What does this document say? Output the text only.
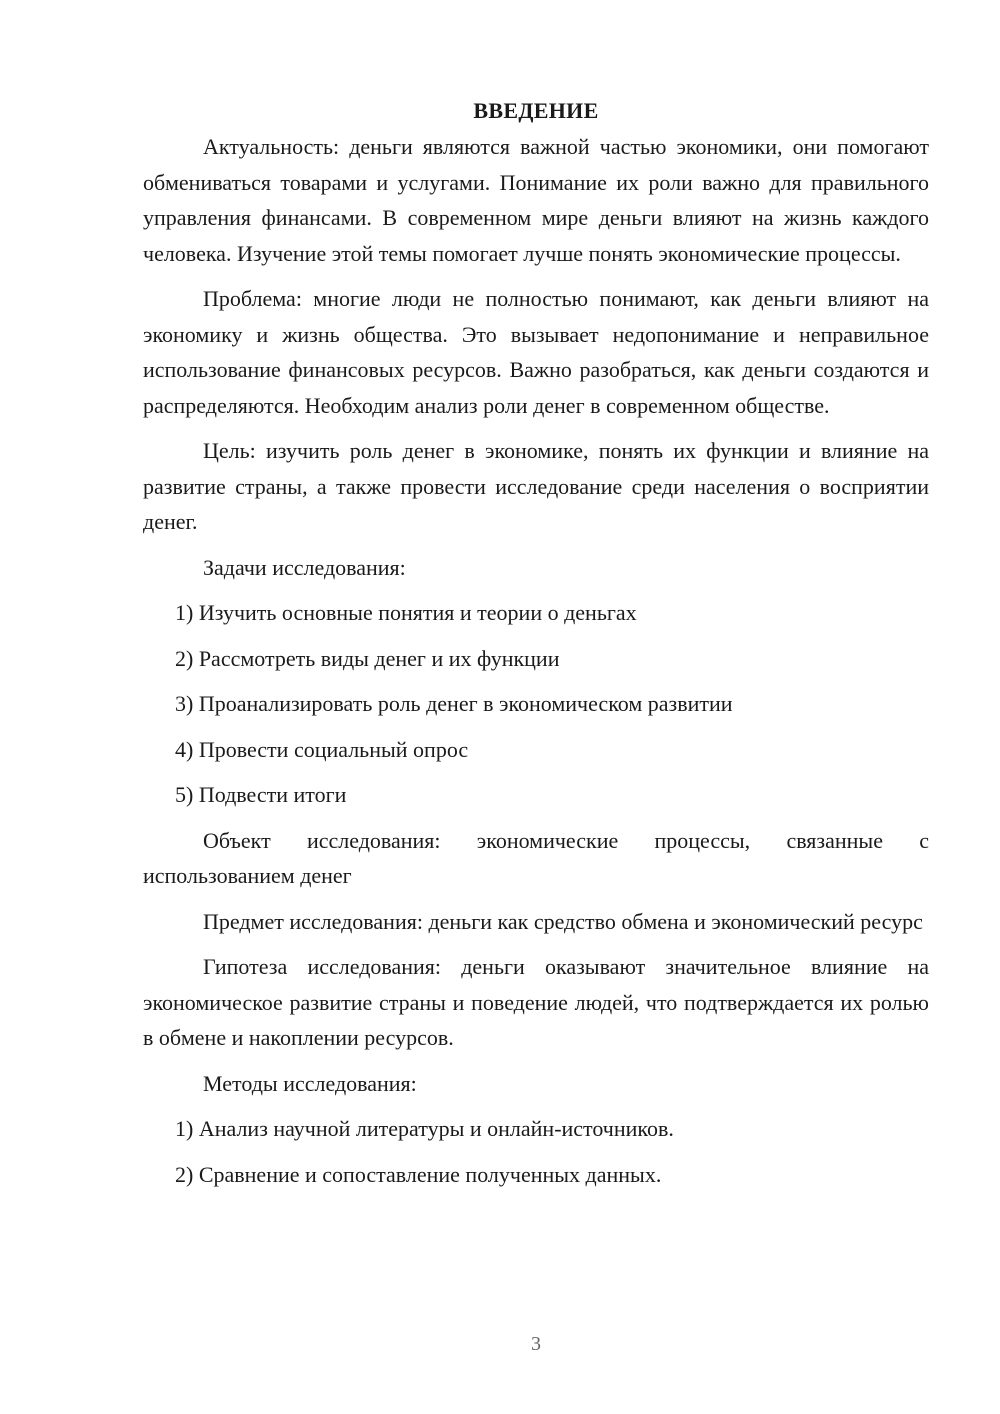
ВВЕДЕНИЕ

Актуальность: деньги являются важной частью экономики, они помогают обмениваться товарами и услугами. Понимание их роли важно для правильного управления финансами. В современном мире деньги влияют на жизнь каждого человека. Изучение этой темы помогает лучше понять экономические процессы.

Проблема: многие люди не полностью понимают, как деньги влияют на экономику и жизнь общества. Это вызывает недопонимание и неправильное использование финансовых ресурсов. Важно разобраться, как деньги создаются и распределяются. Необходим анализ роли денег в современном обществе.

Цель: изучить роль денег в экономике, понять их функции и влияние на развитие страны, а также провести исследование среди населения о восприятии денег.

Задачи исследования:

1) Изучить основные понятия и теории о деньгах

2) Рассмотреть виды денег и их функции

3) Проанализировать роль денег в экономическом развитии

4) Провести социальный опрос

5) Подвести итоги

Объект исследования: экономические процессы, связанные с использованием денег

Предмет исследования: деньги как средство обмена и экономический ресурс

Гипотеза исследования: деньги оказывают значительное влияние на экономическое развитие страны и поведение людей, что подтверждается их ролью в обмене и накоплении ресурсов.

Методы исследования:

1) Анализ научной литературы и онлайн-источников.

2) Сравнение и сопоставление полученных данных.

3
